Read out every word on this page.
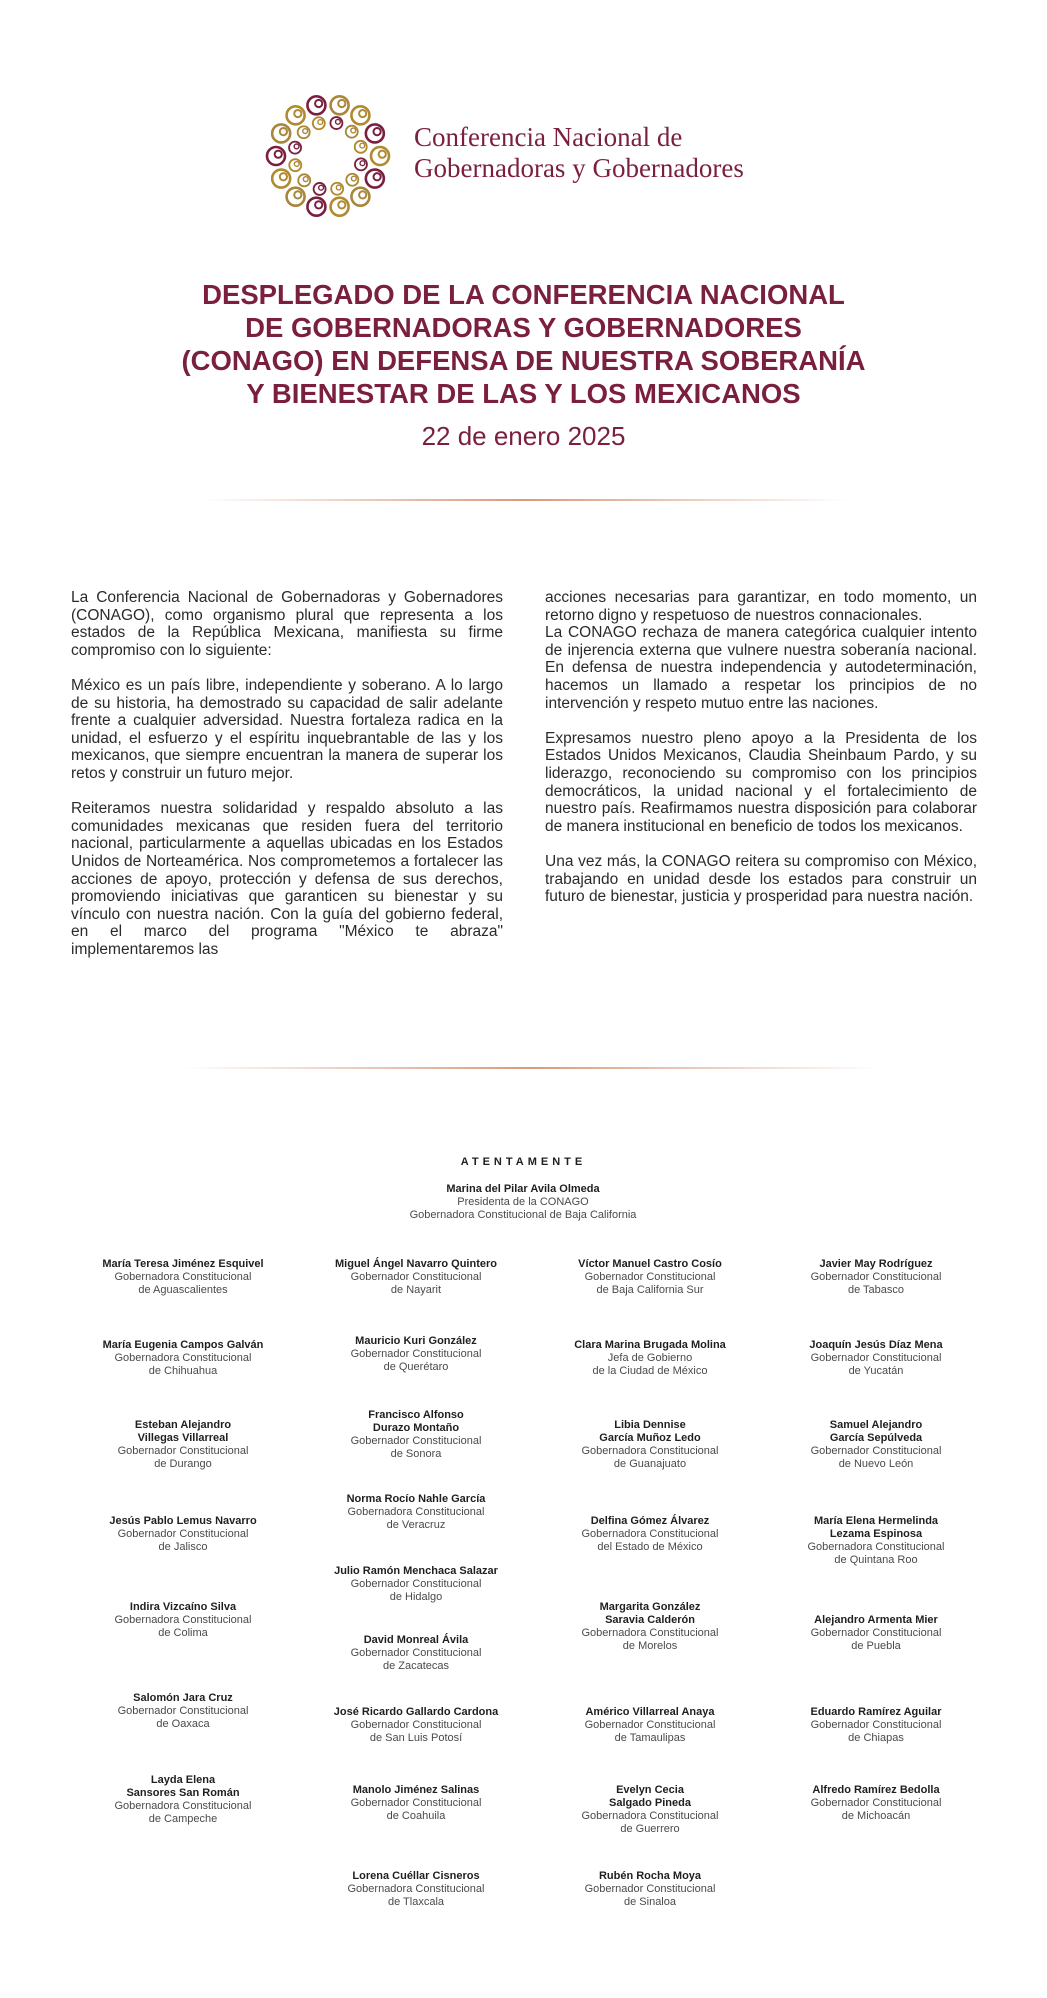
Conferencia Nacional de
Gobernadoras y Gobernadores
DESPLEGADO DE LA CONFERENCIA NACIONAL
DE GOBERNADORAS Y GOBERNADORES
(CONAGO) EN DEFENSA DE NUESTRA SOBERANÍA
Y BIENESTAR DE LAS Y LOS MEXICANOS
22 de enero 2025

La Conferencia Nacional de Gobernadoras y Gobernadores (CONAGO), como organismo plural que representa a los estados de la República Mexicana, manifiesta su firme compromiso con lo siguiente:

México es un país libre, independiente y soberano. A lo largo de su historia, ha demostrado su capacidad de salir adelante frente a cualquier adversidad. Nuestra fortaleza radica en la unidad, el esfuerzo y el espíritu inquebrantable de las y los mexicanos, que siempre encuentran la manera de superar los retos y construir un futuro mejor.

Reiteramos nuestra solidaridad y respaldo absoluto a las comunidades mexicanas que residen fuera del territorio nacional, particularmente a aquellas ubicadas en los Estados Unidos de Norteamérica. Nos comprometemos a fortalecer las acciones de apoyo, protección y defensa de sus derechos, promoviendo iniciativas que garanticen su bienestar y su vínculo con nuestra nación. Con la guía del gobierno federal, en el marco del programa "México te abraza" implementaremos las

acciones necesarias para garantizar, en todo momento, un retorno digno y respetuoso de nuestros connacionales.

La CONAGO rechaza de manera categórica cualquier intento de injerencia externa que vulnere nuestra soberanía nacional. En defensa de nuestra independencia y autodeterminación, hacemos un llamado a respetar los principios de no intervención y respeto mutuo entre las naciones.

Expresamos nuestro pleno apoyo a la Presidenta de los Estados Unidos Mexicanos, Claudia Sheinbaum Pardo, y su liderazgo, reconociendo su compromiso con los principios democráticos, la unidad nacional y el fortalecimiento de nuestro país. Reafirmamos nuestra disposición para colaborar de manera institucional en beneficio de todos los mexicanos.

Una vez más, la CONAGO reitera su compromiso con México, trabajando en unidad desde los estados para construir un futuro de bienestar, justicia y prosperidad para nuestra nación.

ATENTAMENTE
Marina del Pilar Avila Olmeda
Presidenta de la CONAGO
Gobernadora Constitucional de Baja California
María Teresa Jiménez Esquivel
Gobernadora Constitucional
de Aguascalientes
María Eugenia Campos Galván
Gobernadora Constitucional
de Chihuahua
Esteban Alejandro
Villegas Villarreal
Gobernador Constitucional
de Durango
Jesús Pablo Lemus Navarro
Gobernador Constitucional
de Jalisco
Indira Vizcaíno Silva
Gobernadora Constitucional
de Colima
Salomón Jara Cruz
Gobernador Constitucional
de Oaxaca
Layda Elena
Sansores San Román
Gobernadora Constitucional
de Campeche
Miguel Ángel Navarro Quintero
Gobernador Constitucional
de Nayarit
Mauricio Kuri González
Gobernador Constitucional
de Querétaro
Francisco Alfonso
Durazo Montaño
Gobernador Constitucional
de Sonora
Norma Rocío Nahle García
Gobernadora Constitucional
de Veracruz
Julio Ramón Menchaca Salazar
Gobernador Constitucional
de Hidalgo
David Monreal Ávila
Gobernador Constitucional
de Zacatecas
José Ricardo Gallardo Cardona
Gobernador Constitucional
de San Luis Potosí
Manolo Jiménez Salinas
Gobernador Constitucional
de Coahuila
Lorena Cuéllar Cisneros
Gobernadora Constitucional
de Tlaxcala
Víctor Manuel Castro Cosío
Gobernador Constitucional
de Baja California Sur
Clara Marina Brugada Molina
Jefa de Gobierno
de la Ciudad de México
Libia Dennise
García Muñoz Ledo
Gobernadora Constitucional
de Guanajuato
Delfina Gómez Álvarez
Gobernadora Constitucional
del Estado de México
Margarita González
Saravia Calderón
Gobernadora Constitucional
de Morelos
Américo Villarreal Anaya
Gobernador Constitucional
de Tamaulipas
Evelyn Cecia
Salgado Pineda
Gobernadora Constitucional
de Guerrero
Rubén Rocha Moya
Gobernador Constitucional
de Sinaloa
Javier May Rodríguez
Gobernador Constitucional
de Tabasco
Joaquín Jesús Díaz Mena
Gobernador Constitucional
de Yucatán
Samuel Alejandro
García Sepúlveda
Gobernador Constitucional
de Nuevo León
María Elena Hermelinda
Lezama Espinosa
Gobernadora Constitucional
de Quintana Roo
Alejandro Armenta Mier
Gobernador Constitucional
de Puebla
Eduardo Ramírez Aguilar
Gobernador Constitucional
de Chiapas
Alfredo Ramírez Bedolla
Gobernador Constitucional
de Michoacán
